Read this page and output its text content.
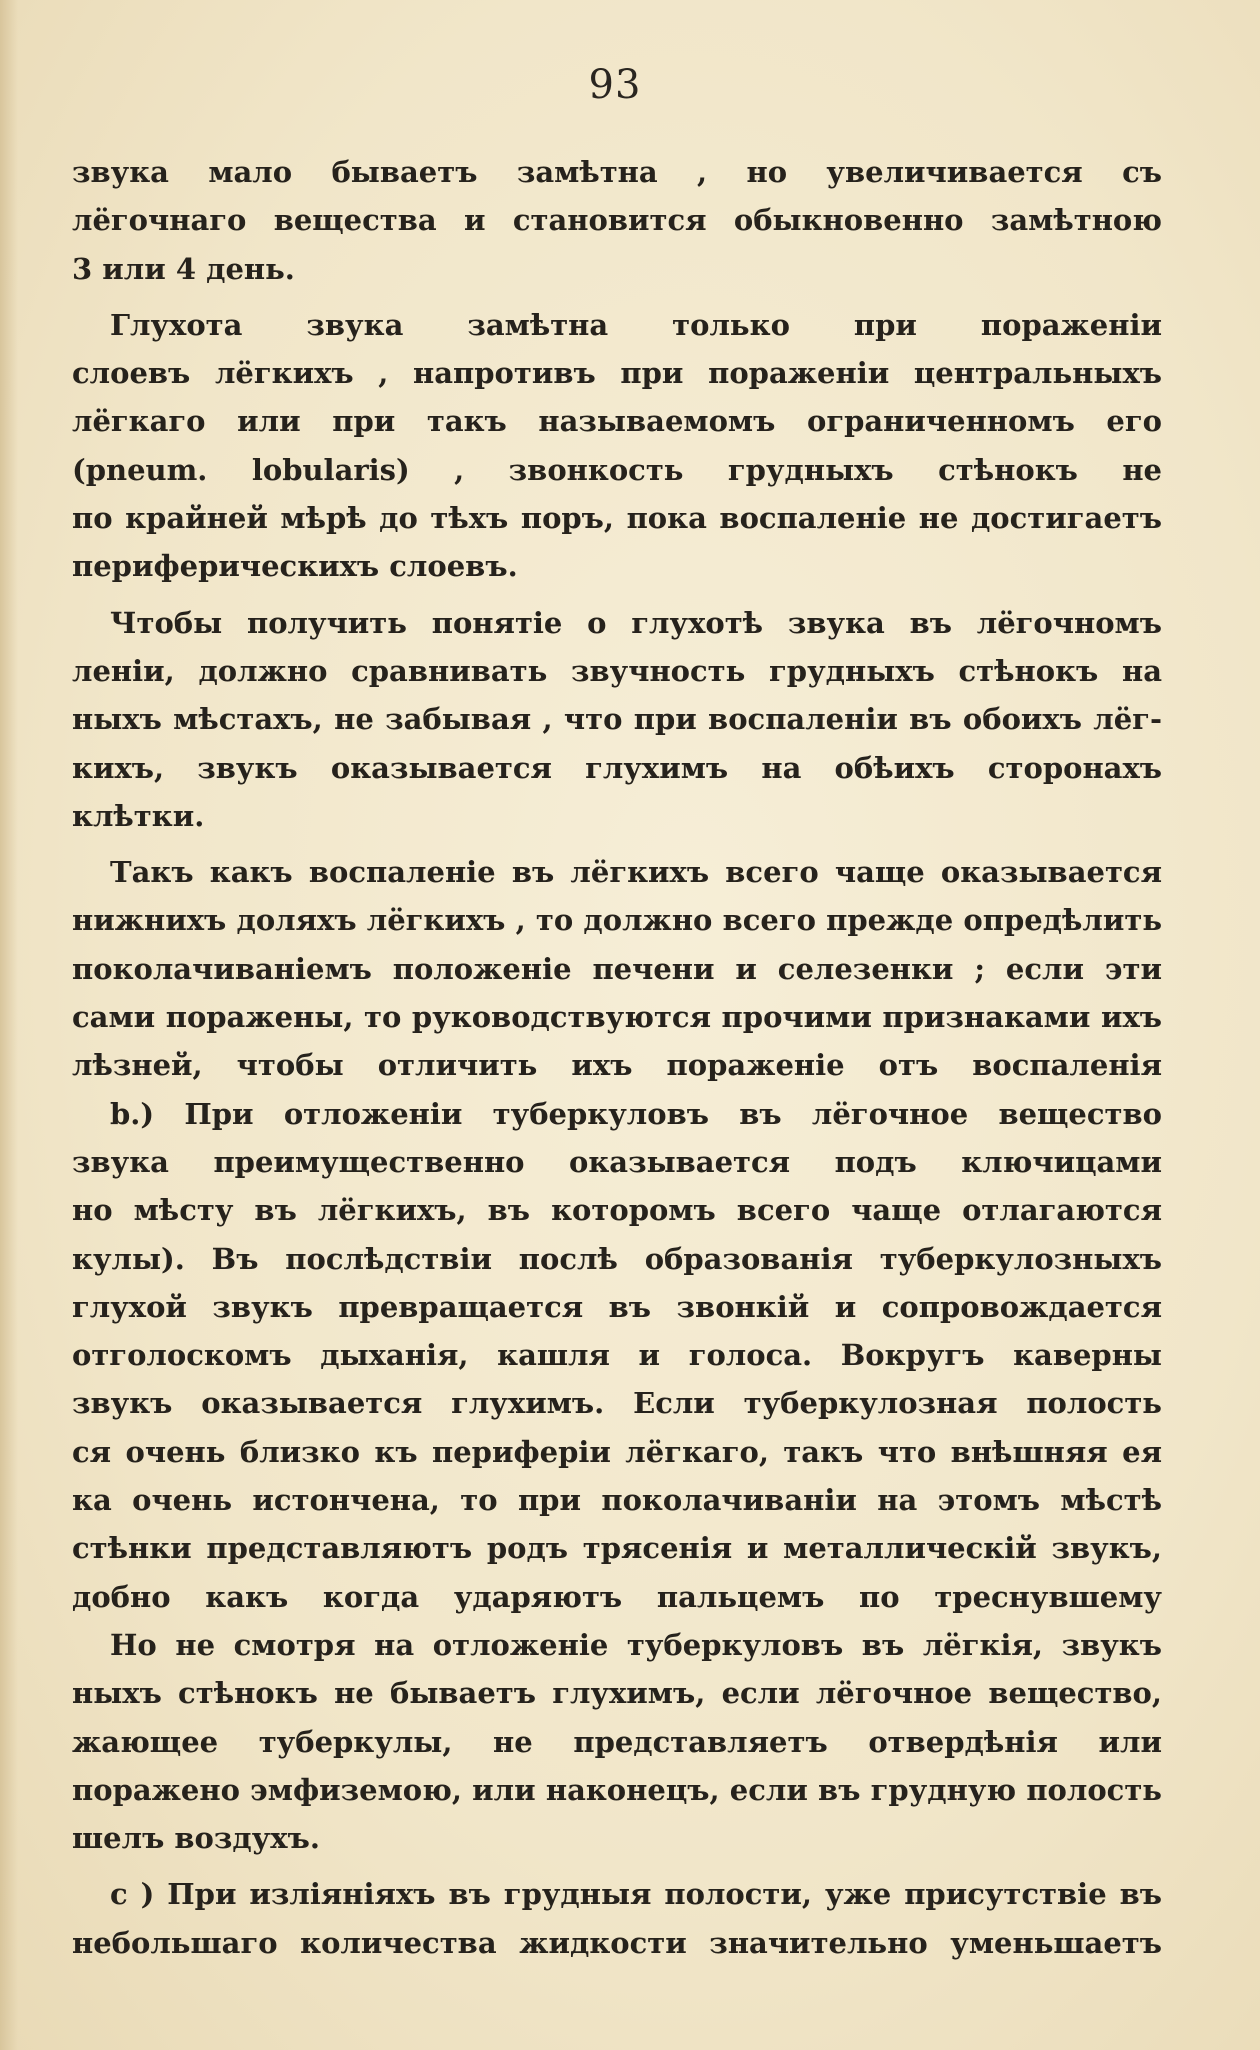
93
звука мало бываетъ замѣтна , но увеличивается съ
лёгочнаго вещества и становится обыкновенно замѣтною
3 или 4 день.
Глухота звука замѣтна только при пораженіи
слоевъ лёгкихъ , напротивъ при пораженіи центральныхъ
лёгкаго или при такъ называемомъ ограниченномъ его
(pneum. lobularis) , звонкость грудныхъ стѣнокъ не
по крайней мѣрѣ до тѣхъ поръ, пока воспаленіе не достигаетъ
периферическихъ слоевъ.
Чтобы получить понятіе о глухотѣ звука въ лёгочномъ
леніи, должно сравнивать звучность грудныхъ стѣнокъ на
ныхъ мѣстахъ, не забывая , что при воспаленіи въ обоихъ лёг-
кихъ, звукъ оказывается глухимъ на обѣихъ сторонахъ
клѣтки.
Такъ какъ воспаленіе въ лёгкихъ всего чаще оказывается
нижнихъ доляхъ лёгкихъ , то должно всего прежде опредѣлить
поколачиваніемъ положеніе печени и селезенки ; если эти
сами поражены, то руководствуются прочими признаками ихъ
лѣзней, чтобы отличить ихъ пораженіе отъ воспаленія
b.) При отложеніи туберкуловъ въ лёгочное вещество
звука преимущественно оказывается подъ ключицами
но мѣсту въ лёгкихъ, въ которомъ всего чаще отлагаются
кулы). Въ послѣдствіи послѣ образованія туберкулозныхъ
глухой звукъ превращается въ звонкій и сопровождается
отголоскомъ дыханія, кашля и голоса. Вокругъ каверны
звукъ оказывается глухимъ. Если туберкулозная полость
ся очень близко къ периферіи лёгкаго, такъ что внѣшняя ея
ка очень истончена, то при поколачиваніи на этомъ мѣстѣ
стѣнки представляютъ родъ трясенія и металлическій звукъ,
добно какъ когда ударяютъ пальцемъ по треснувшему
Но не смотря на отложеніе туберкуловъ въ лёгкія, звукъ
ныхъ стѣнокъ не бываетъ глухимъ, если лёгочное вещество,
жающее туберкулы, не представляетъ отвердѣнія или
поражено эмфиземою, или наконецъ, если въ грудную полость
шелъ воздухъ.
c ) При изліяніяхъ въ грудныя полости, уже присутствіе въ
небольшаго количества жидкости значительно уменьшаетъ
